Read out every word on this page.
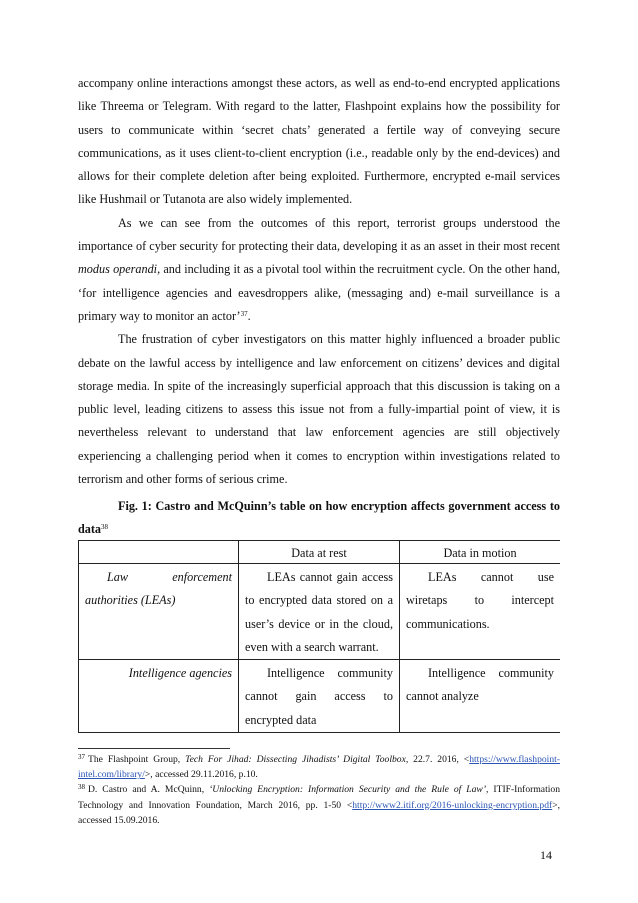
accompany online interactions amongst these actors, as well as end-to-end encrypted applications like Threema or Telegram. With regard to the latter, Flashpoint explains how the possibility for users to communicate within ‘secret chats’ generated a fertile way of conveying secure communications, as it uses client-to-client encryption (i.e., readable only by the end-devices) and allows for their complete deletion after being exploited. Furthermore, encrypted e-mail services like Hushmail or Tutanota are also widely implemented.

As we can see from the outcomes of this report, terrorist groups understood the importance of cyber security for protecting their data, developing it as an asset in their most recent modus operandi, and including it as a pivotal tool within the recruitment cycle. On the other hand, ‘for intelligence agencies and eavesdroppers alike, (messaging and) e-mail surveillance is a primary way to monitor an actor’$^{37}$.

The frustration of cyber investigators on this matter highly influenced a broader public debate on the lawful access by intelligence and law enforcement on citizens’ devices and digital storage media. In spite of the increasingly superficial approach that this discussion is taking on a public level, leading citizens to assess this issue not from a fully-impartial point of view, it is nevertheless relevant to understand that law enforcement agencies are still objectively experiencing a challenging period when it comes to encryption within investigations related to terrorism and other forms of serious crime.

Fig. 1: Castro and McQuinn’s table on how encryption affects government access to data$^{38}$
	Data at rest	Data in motion

Law enforcement
authorities (LEAs)	LEAs cannot gain access to encrypted data stored on a user’s device or in the cloud, even with a search warrant.	LEAs cannot use wiretaps to intercept communications.

Intelligence agencies	Intelligence community cannot gain access to encrypted data	Intelligence community cannot analyze

$^{37}$ The Flashpoint Group, Tech For Jihad: Dissecting Jihadists’ Digital Toolbox, 22.7. 2016, <https://www.flashpoint-intel.com/library/>, accessed 29.11.2016, p.10.

$^{38}$ D. Castro and A. McQuinn, ‘Unlocking Encryption: Information Security and the Rule of Law’, ITIF-Information Technology and Innovation Foundation, March 2016, pp. 1-50 <http://www2.itif.org/2016-unlocking-encryption.pdf>, accessed 15.09.2016.

14
